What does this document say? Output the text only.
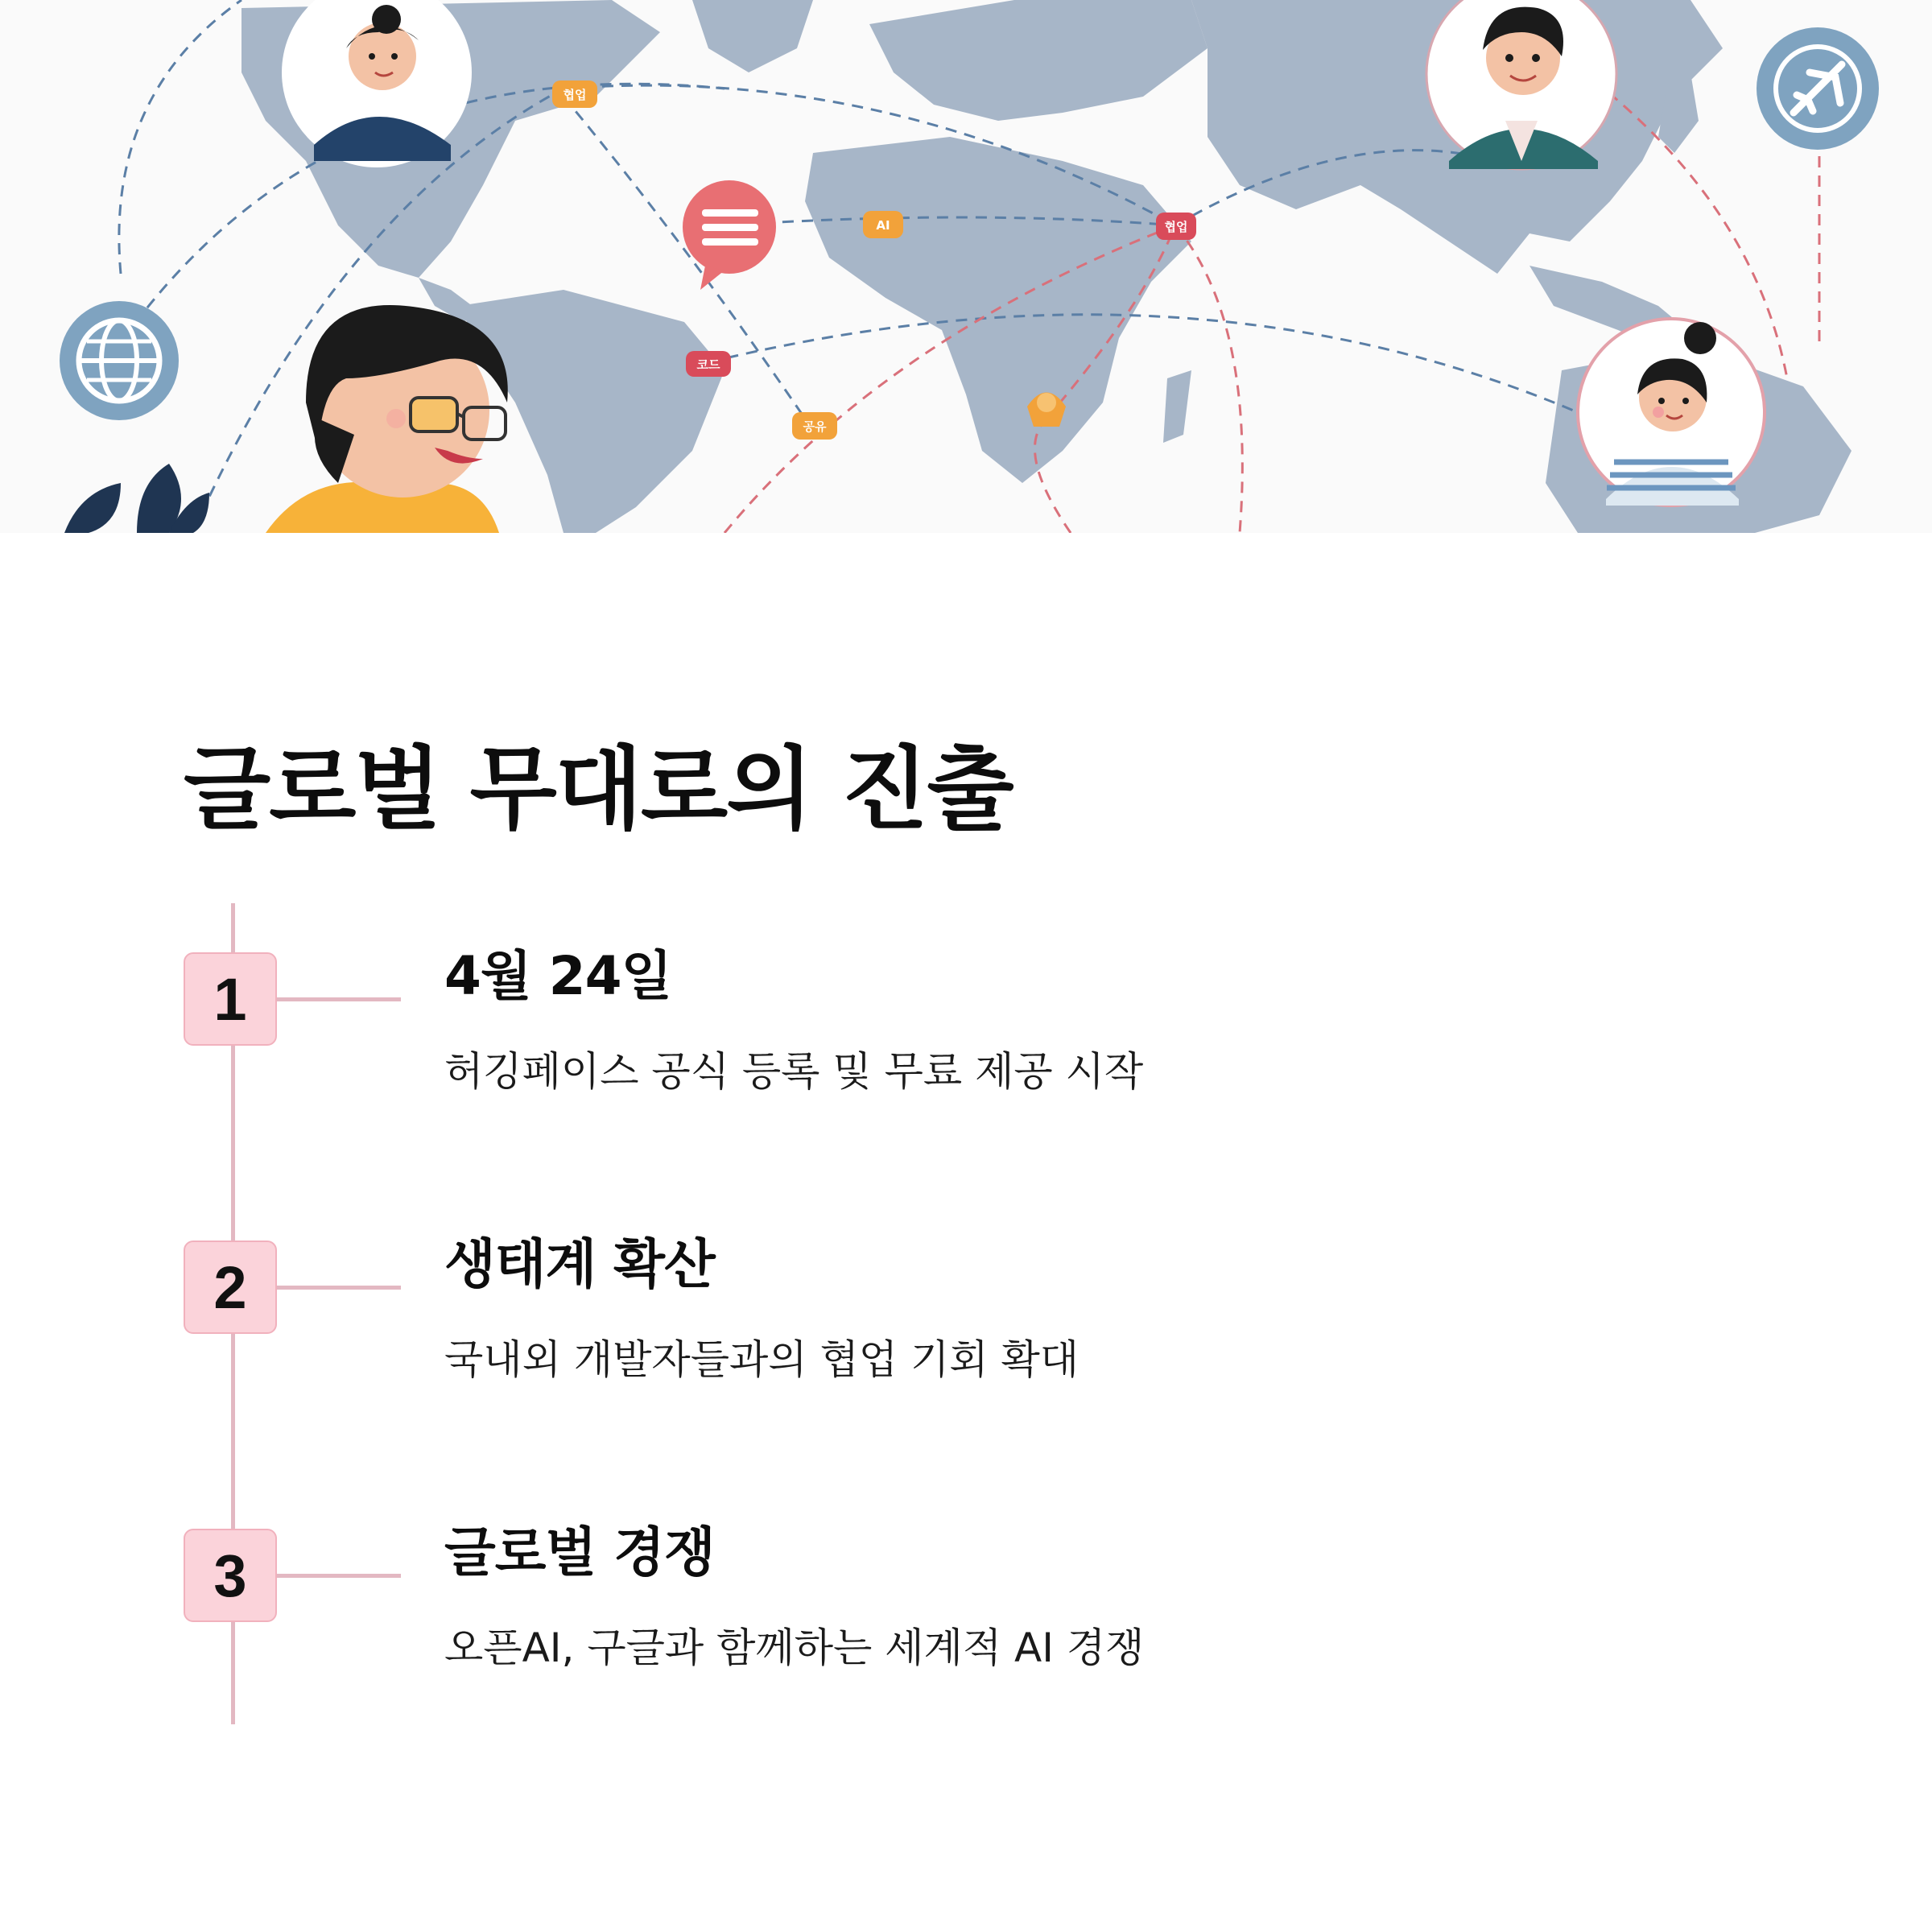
협업
AI
코드
공유
협업
글로벌 무대로의 진출
1	4월 24일

허깅페이스 공식 등록 및 무료 제공 시작

2	생태계 확산

국내외 개발자들과의 협업 기회 확대

3	글로벌 경쟁

오픈AI, 구글과 함께하는 세계적 AI 경쟁
